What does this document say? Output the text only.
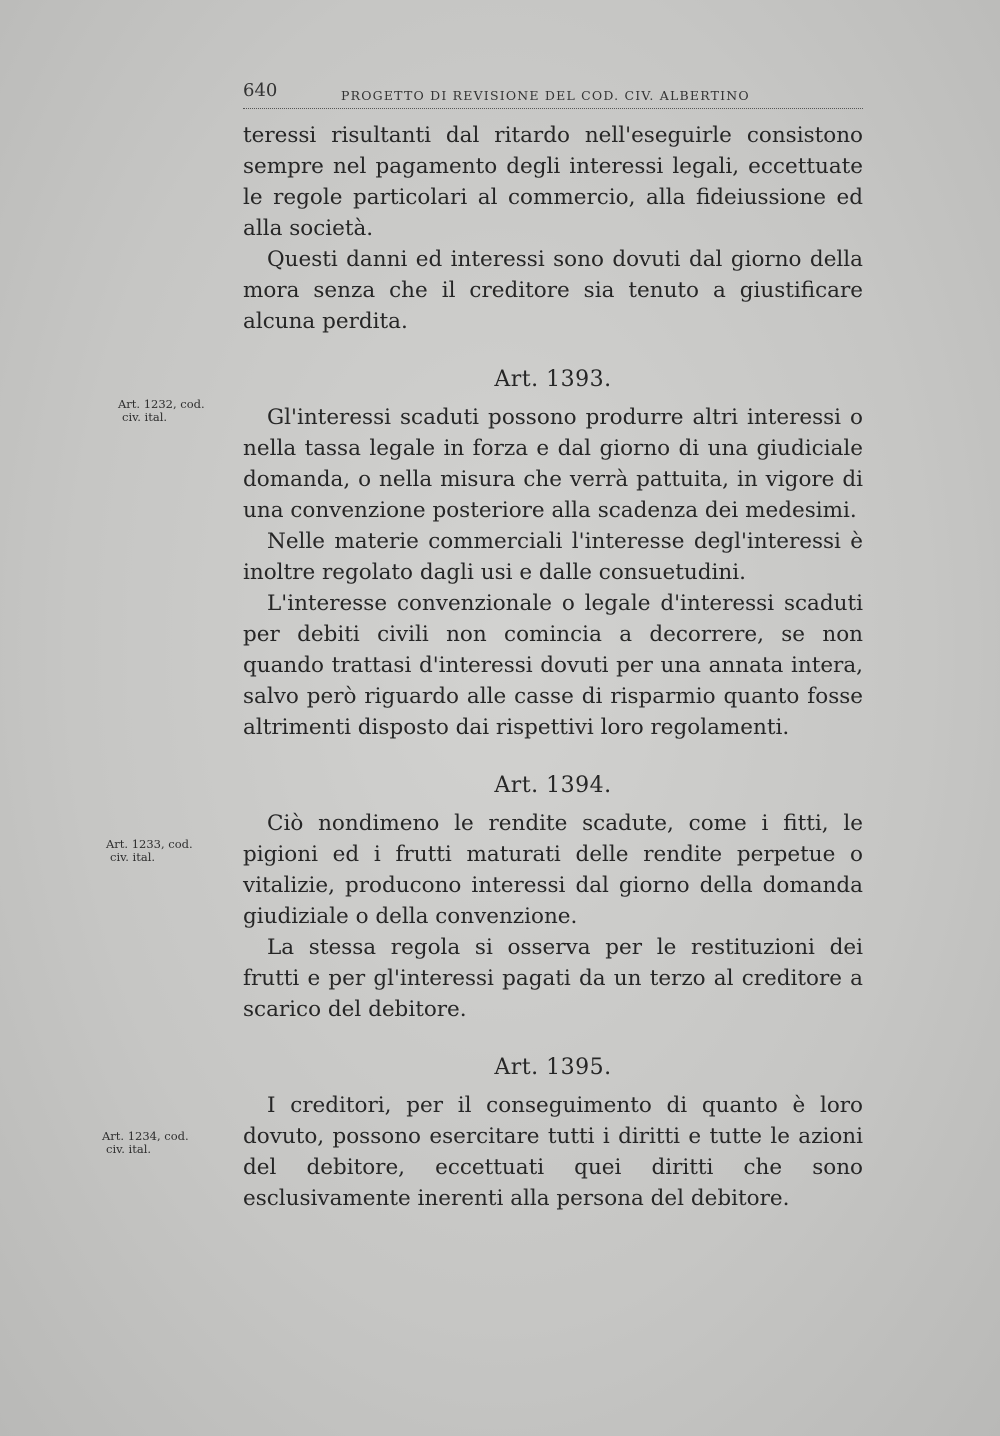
640	PROGETTO DI REVISIONE DEL COD. CIV. ALBERTINO
Art. 1232, cod.
civ. ital.
Art. 1233, cod.
civ. ital.
Art. 1234, cod.
civ. ital.

teressi risultanti dal ritardo nell'eseguirle consistono sempre nel pagamento degli interessi legali, eccettuate le regole particolari al commercio, alla fideiussione ed alla società.

Questi danni ed interessi sono dovuti dal giorno della mora senza che il creditore sia tenuto a giustificare alcuna perdita.

Art. 1393.

Gl'interessi scaduti possono produrre altri interessi o nella tassa legale in forza e dal giorno di una giudiciale domanda, o nella misura che verrà pattuita, in vigore di una convenzione posteriore alla scadenza dei medesimi.

Nelle materie commerciali l'interesse degl'interessi è inoltre regolato dagli usi e dalle consuetudini.

L'interesse convenzionale o legale d'interessi scaduti per debiti civili non comincia a decorrere, se non quando trattasi d'interessi dovuti per una annata intera, salvo però riguardo alle casse di risparmio quanto fosse altrimenti disposto dai rispettivi loro regolamenti.

Art. 1394.

Ciò nondimeno le rendite scadute, come i fitti, le pigioni ed i frutti maturati delle rendite perpetue o vitalizie, producono interessi dal giorno della domanda giudiziale o della convenzione.

La stessa regola si osserva per le restituzioni dei frutti e per gl'interessi pagati da un terzo al creditore a scarico del debitore.

Art. 1395.

I creditori, per il conseguimento di quanto è loro dovuto, possono esercitare tutti i diritti e tutte le azioni del debitore, eccettuati quei diritti che sono esclusivamente inerenti alla persona del debitore.
